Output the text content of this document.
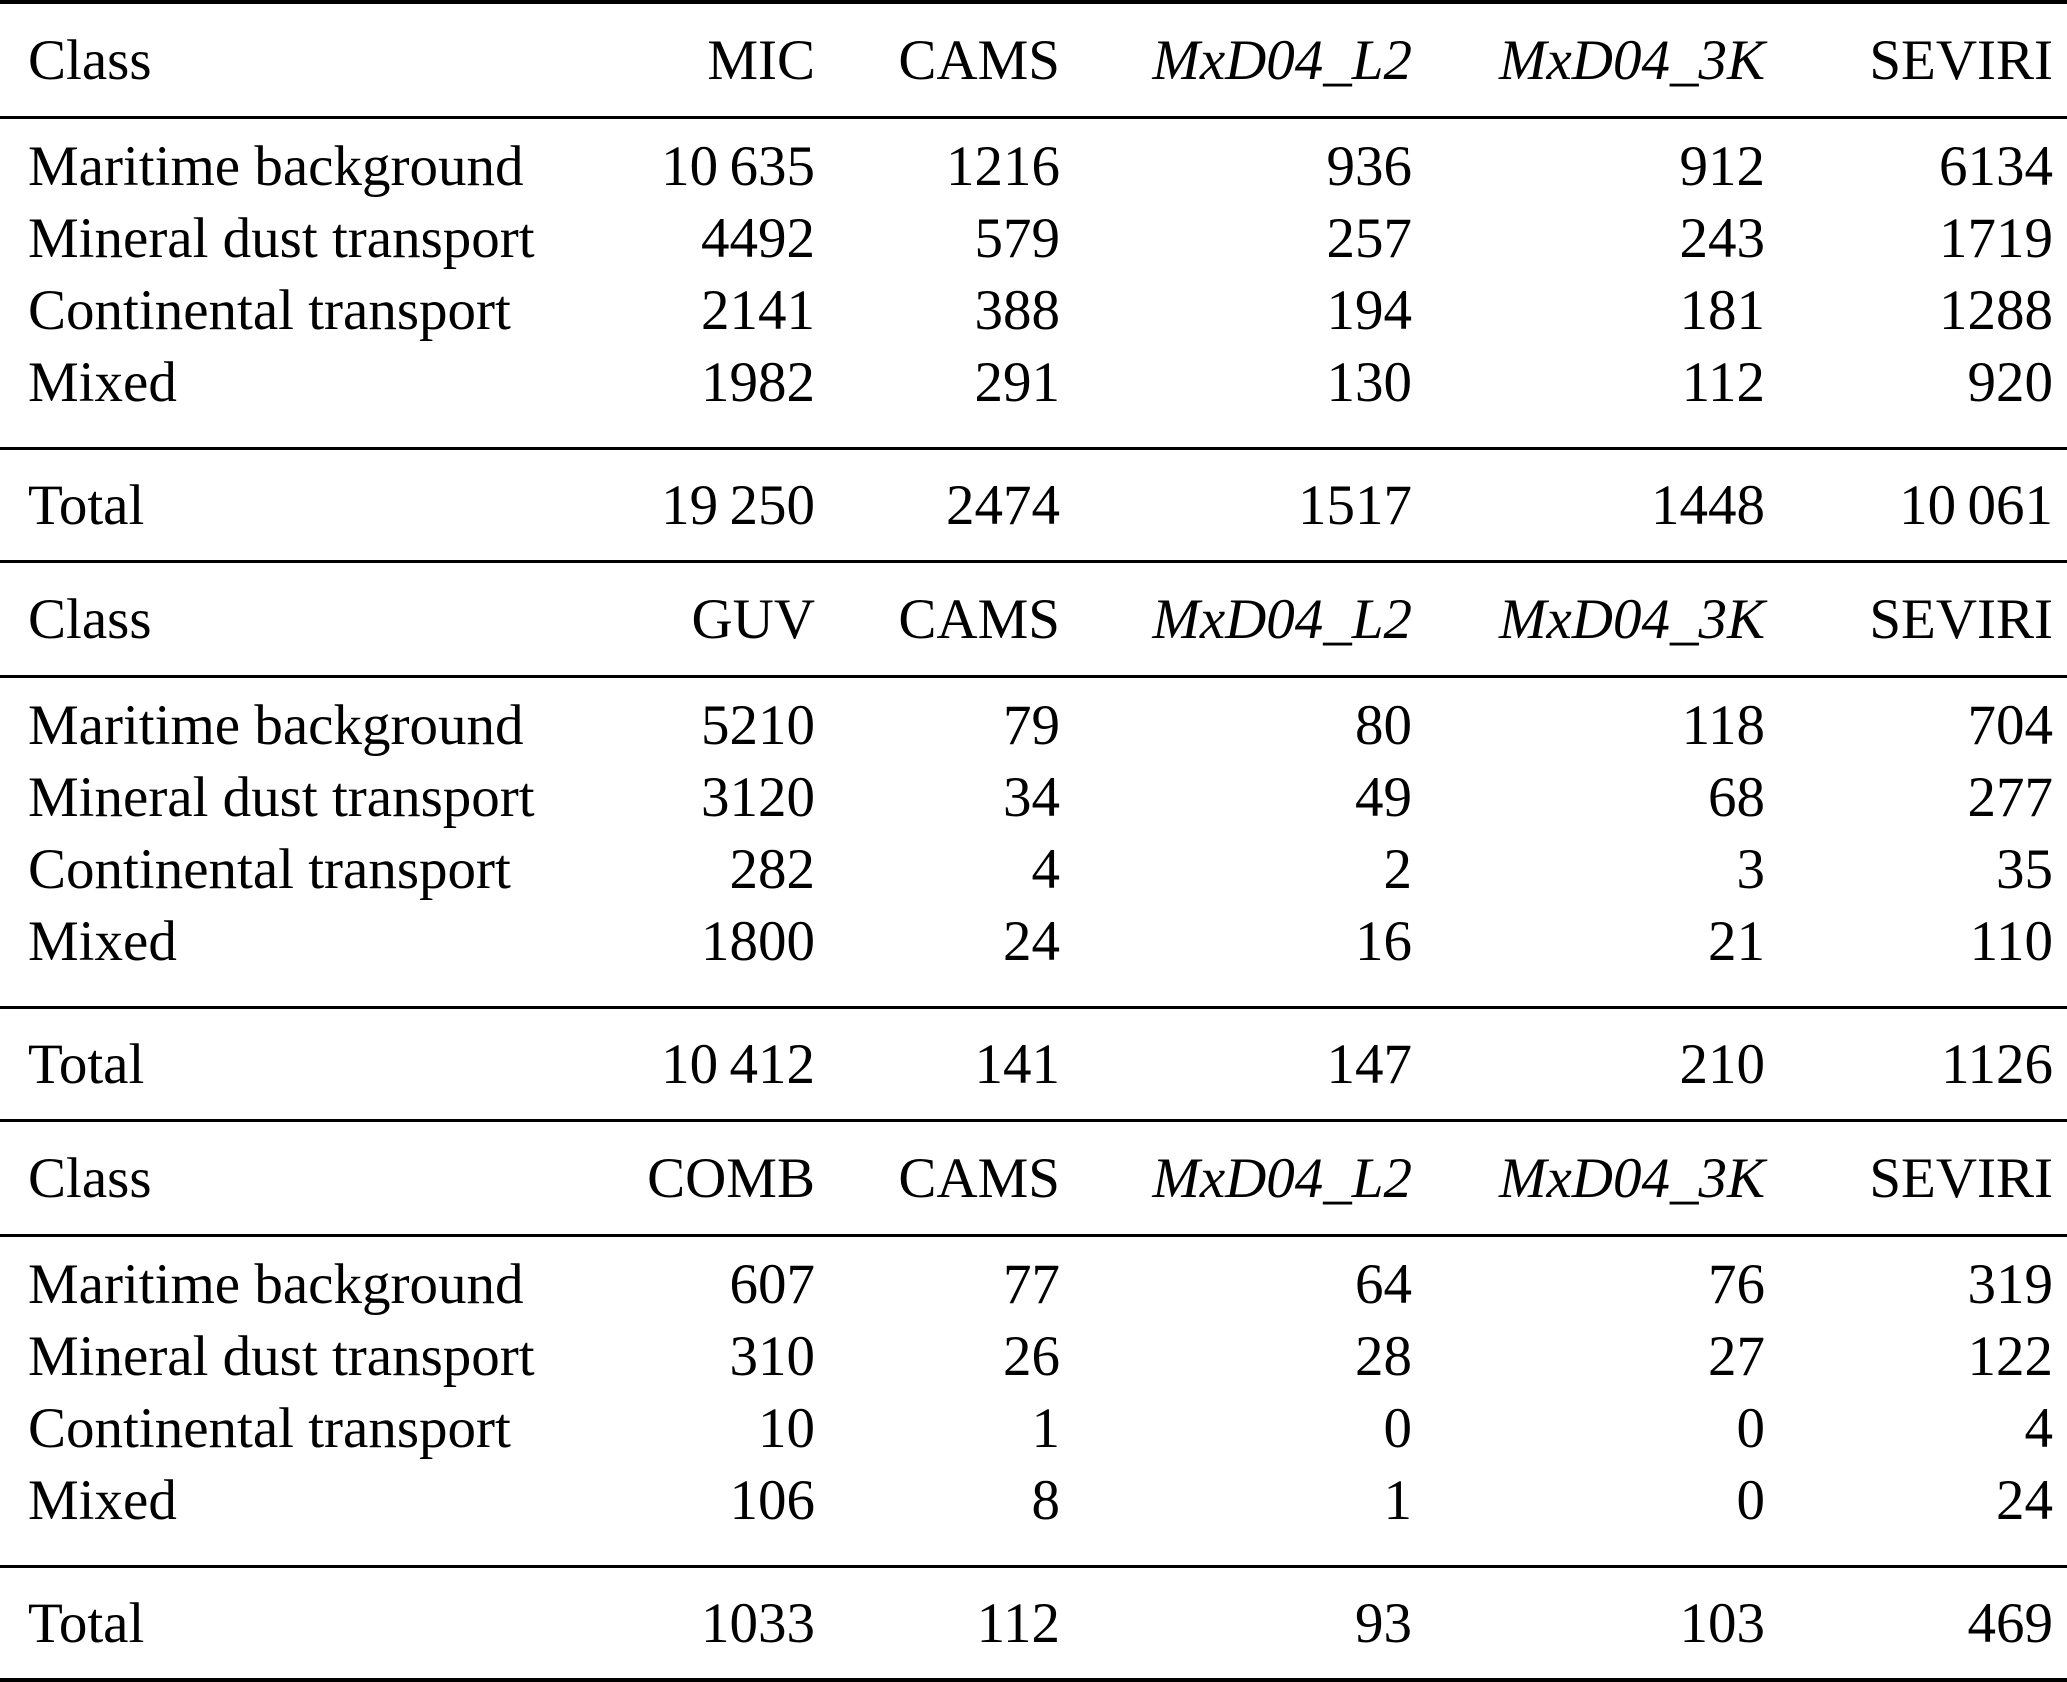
Class	MIC	CAMS	MxD04_L2	MxD04_3K	SEVIRI
Maritime background	10 635	1216	936	912	6134
Mineral dust transport	4492	579	257	243	1719
Continental transport	2141	388	194	181	1288
Mixed	1982	291	130	112	920
Total	19 250	2474	1517	1448	10 061
Class	GUV	CAMS	MxD04_L2	MxD04_3K	SEVIRI
Maritime background	5210	79	80	118	704
Mineral dust transport	3120	34	49	68	277
Continental transport	282	4	2	3	35
Mixed	1800	24	16	21	110
Total	10 412	141	147	210	1126
Class	COMB	CAMS	MxD04_L2	MxD04_3K	SEVIRI
Maritime background	607	77	64	76	319
Mineral dust transport	310	26	28	27	122
Continental transport	10	1	0	0	4
Mixed	106	8	1	0	24
Total	1033	112	93	103	469
